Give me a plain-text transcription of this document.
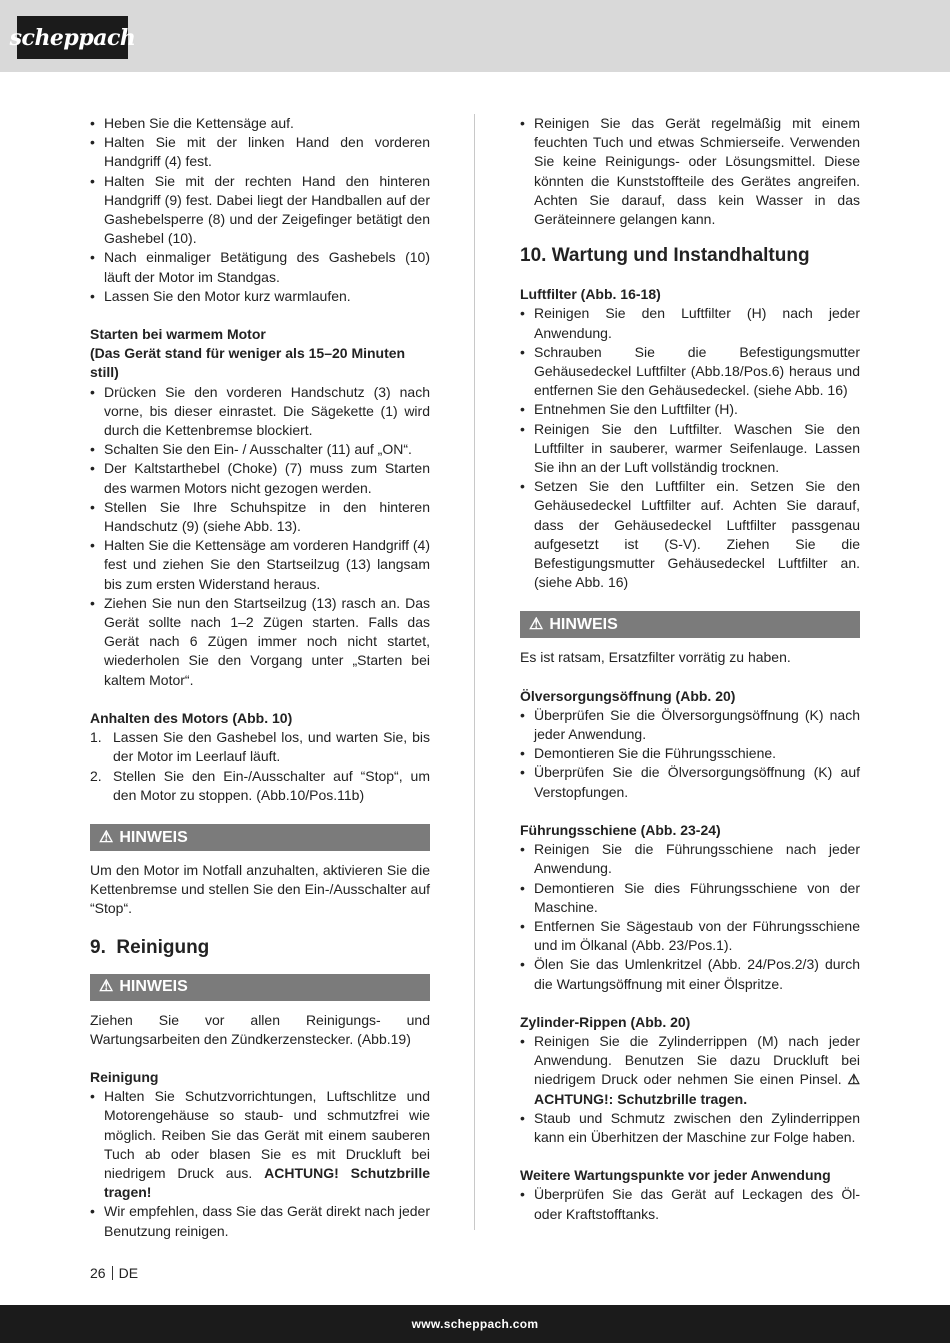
scheppach
• Heben Sie die Kettensäge auf.
• Halten Sie mit der linken Hand den vorderen Handgriff (4) fest.
• Halten Sie mit der rechten Hand den hinteren Handgriff (9) fest. Dabei liegt der Handballen auf der Gashebelsperre (8) und der Zeigefinger betätigt den Gashebel (10).
• Nach einmaliger Betätigung des Gashebels (10) läuft der Motor im Standgas.
• Lassen Sie den Motor kurz warmlaufen.

Starten bei warmem Motor

(Das Gerät stand für weniger als 15–20 Minuten still)

• Drücken Sie den vorderen Handschutz (3) nach vorne, bis dieser einrastet. Die Sägekette (1) wird durch die Kettenbremse blockiert.
• Schalten Sie den Ein- / Ausschalter (11) auf „ON“.
• Der Kaltstarthebel (Choke) (7) muss zum Starten des warmen Motors nicht gezogen werden.
• Stellen Sie Ihre Schuhspitze in den hinteren Handschutz (9) (siehe Abb. 13).
• Halten Sie die Kettensäge am vorderen Handgriff (4) fest und ziehen Sie den Startseilzug (13) langsam bis zum ersten Widerstand heraus.
• Ziehen Sie nun den Startseilzug (13) rasch an. Das Gerät sollte nach 1–2 Zügen starten. Falls das Gerät nach 6 Zügen immer noch nicht startet, wiederholen Sie den Vorgang unter „Starten bei kaltem Motor“.

Anhalten des Motors (Abb. 10)

1. Lassen Sie den Gashebel los, und warten Sie, bis der Motor im Leerlauf läuft.
2. Stellen Sie den Ein-/Ausschalter auf “Stop“, um den Motor zu stoppen. (Abb.10/Pos.11b)
⚠ HINWEIS

Um den Motor im Notfall anzuhalten, aktivieren Sie die Kettenbremse und stellen Sie den Ein-/Ausschalter auf “Stop“.

9.  Reinigung
⚠ HINWEIS

Ziehen Sie vor allen Reinigungs- und Wartungsarbeiten den Zündkerzenstecker. (Abb.19)

Reinigung

• Halten Sie Schutzvorrichtungen, Luftschlitze und Motorengehäuse so staub- und schmutzfrei wie möglich. Reiben Sie das Gerät mit einem sauberen Tuch ab oder blasen Sie es mit Druckluft bei niedrigem Druck aus. ACHTUNG! Schutzbrille tragen!
• Wir empfehlen, dass Sie das Gerät direkt nach jeder Benutzung reinigen.
• Reinigen Sie das Gerät regelmäßig mit einem feuchten Tuch und etwas Schmierseife. Verwenden Sie keine Reinigungs- oder Lösungsmittel. Diese könnten die Kunststoffteile des Gerätes angreifen. Achten Sie darauf, dass kein Wasser in das Geräteinnere gelangen kann.
10. Wartung und Instandhaltung

Luftfilter (Abb. 16-18)

• Reinigen Sie den Luftfilter (H) nach jeder Anwendung.
• Schrauben Sie die Befestigungsmutter Gehäusedeckel Luftfilter (Abb.18/Pos.6) heraus und entfernen Sie den Gehäusedeckel. (siehe Abb. 16)
• Entnehmen Sie den Luftfilter (H).
• Reinigen Sie den Luftfilter. Waschen Sie den Luftfilter in sauberer, warmer Seifenlauge. Lassen Sie ihn an der Luft vollständig trocknen.
• Setzen Sie den Luftfilter ein. Setzen Sie den Gehäusedeckel Luftfilter auf. Achten Sie darauf, dass der Gehäusedeckel Luftfilter passgenau aufgesetzt ist (S-V). Ziehen Sie die Befestigungsmutter Gehäusedeckel Luftfilter an. (siehe Abb. 16)
⚠ HINWEIS

Es ist ratsam, Ersatzfilter vorrätig zu haben.

Ölversorgungsöffnung (Abb. 20)

• Überprüfen Sie die Ölversorgungsöffnung (K) nach jeder Anwendung.
• Demontieren Sie die Führungsschiene.
• Überprüfen Sie die Ölversorgungsöffnung (K) auf Verstopfungen.

Führungsschiene (Abb. 23-24)

• Reinigen Sie die Führungsschiene nach jeder Anwendung.
• Demontieren Sie dies Führungsschiene von der Maschine.
• Entfernen Sie Sägestaub von der Führungsschiene und im Ölkanal (Abb. 23/Pos.1).
• Ölen Sie das Umlenkritzel (Abb. 24/Pos.2/3) durch die Wartungsöffnung mit einer Ölspritze.

Zylinder-Rippen (Abb. 20)

• Reinigen Sie die Zylinderrippen (M) nach jeder Anwendung. Benutzen Sie dazu Druckluft bei niedrigem Druck oder nehmen Sie einen Pinsel. ⚠ ACHTUNG!: Schutzbrille tragen.
• Staub und Schmutz zwischen den Zylinderrippen kann ein Überhitzen der Maschine zur Folge haben.

Weitere Wartungspunkte vor jeder Anwendung

• Überprüfen Sie das Gerät auf Leckagen des Öl- oder Kraftstofftanks.
26 DE
www.scheppach.com
